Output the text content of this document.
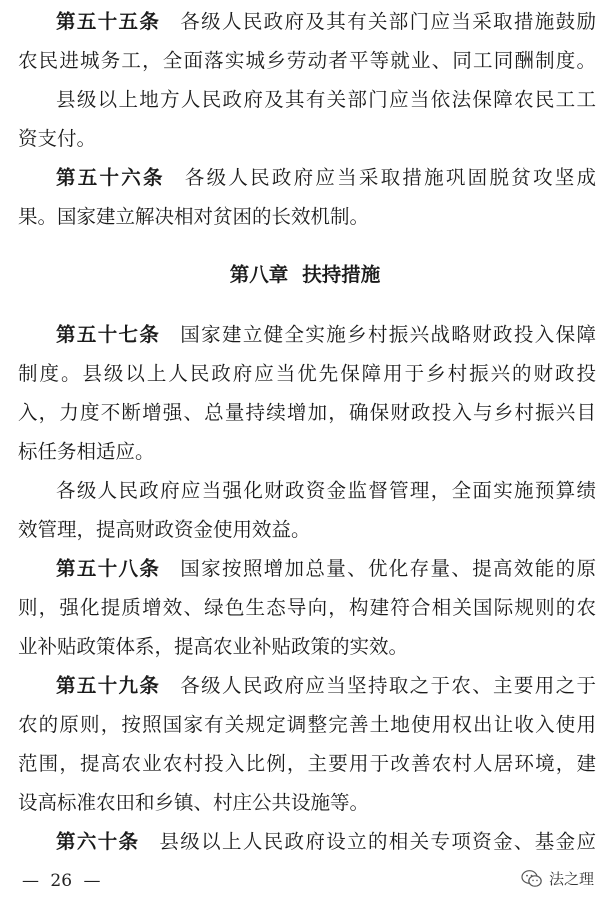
第五十五条 各级人民政府及其有关部门应当采取措施鼓励
农民进城务工，全面落实城乡劳动者平等就业、同工同酬制度。
县级以上地方人民政府及其有关部门应当依法保障农民工工
资支付。
第五十六条 各级人民政府应当采取措施巩固脱贫攻坚成
果。国家建立解决相对贫困的长效机制。
第八章 扶持措施
第五十七条 国家建立健全实施乡村振兴战略财政投入保障
制度。县级以上人民政府应当优先保障用于乡村振兴的财政投
入，力度不断增强、总量持续增加，确保财政投入与乡村振兴目
标任务相适应。
各级人民政府应当强化财政资金监督管理，全面实施预算绩
效管理，提高财政资金使用效益。
第五十八条 国家按照增加总量、优化存量、提高效能的原
则，强化提质增效、绿色生态导向，构建符合相关国际规则的农
业补贴政策体系，提高农业补贴政策的实效。
第五十九条 各级人民政府应当坚持取之于农、主要用之于
农的原则，按照国家有关规定调整完善土地使用权出让收入使用
范围，提高农业农村投入比例，主要用于改善农村人居环境，建
设高标准农田和乡镇、村庄公共设施等。
第六十条 县级以上人民政府设立的相关专项资金、基金应
— 26 —	法之理
